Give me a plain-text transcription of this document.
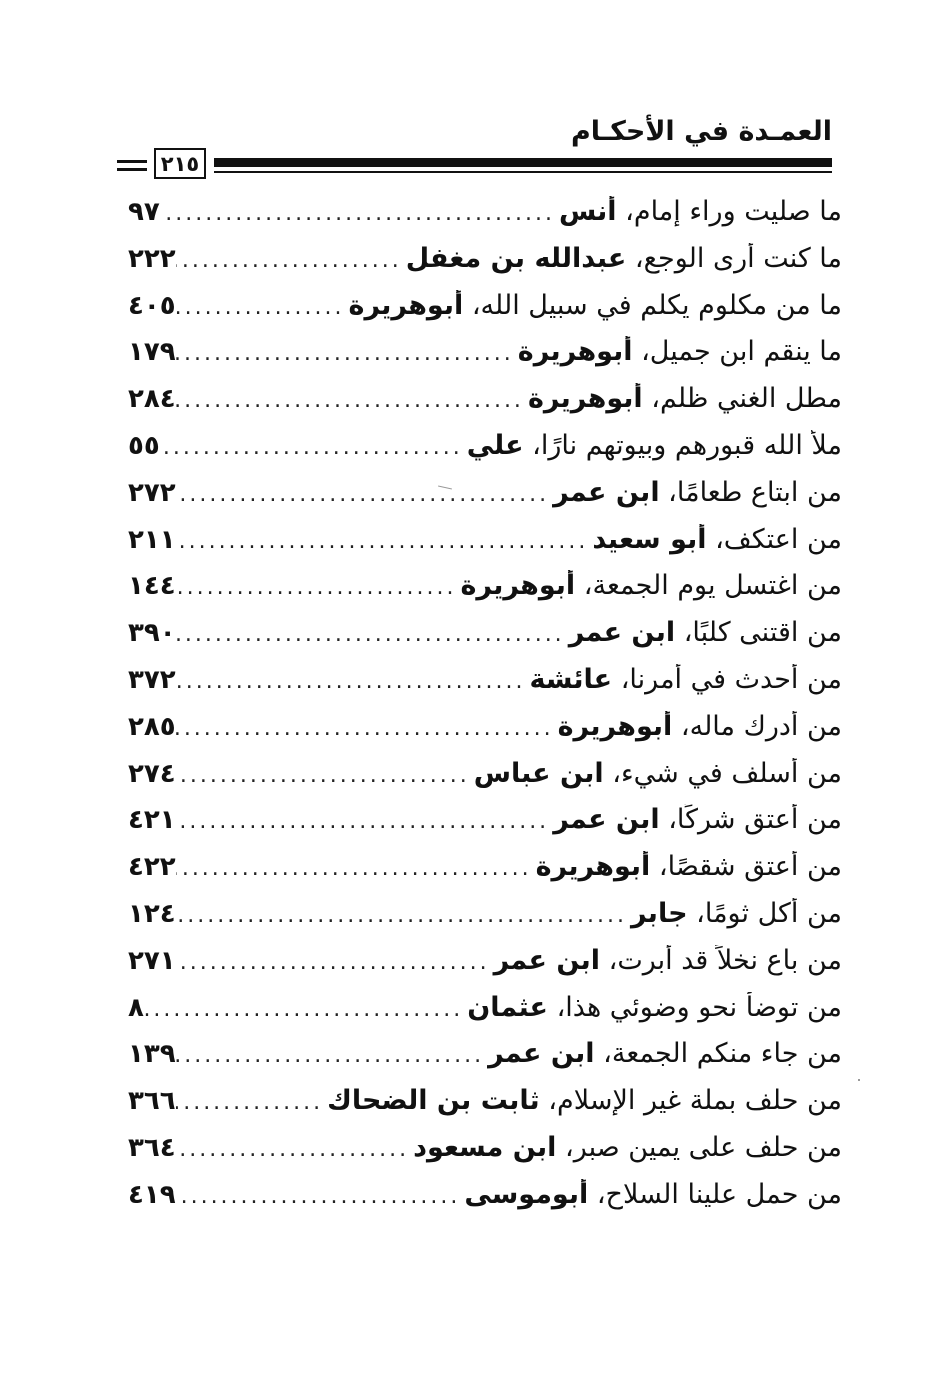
العمـدة في الأحكـام
٢١٥
ما صليت وراء إمام،

أنس
.....
٩٧
ما كنت أرى الوجع،

عبدالله بن مغفل
.....
٢٢٢
ما من مكلوم يكلم في سبيل الله،

أبوهريرة
.....
٤٠٥
ما ينقم ابن جميل،

أبوهريرة
.....
١٧٩
مطل الغني ظلم،

أبوهريرة
.....
٢٨٤
ملأ الله قبورهم وبيوتهم نارًا،

علي
.....
٥٥
من ابتاع طعامًا،

ابن عمر
.....
٢٧٢
من اعتكف،

أبو سعيد
.....
٢١١
من اغتسل يوم الجمعة،

أبوهريرة
.....
١٤٤
من اقتنى كلبًا،

ابن عمر
.....
٣٩٠
من أحدث في أمرنا،

عائشة
.....
٣٧٢
من أدرك ماله،

أبوهريرة
.....
٢٨٥
من أسلف في شيء،

ابن عباس
.....
٢٧٤
من أعتق شركًا،

ابن عمر
.....
٤٢١
من أعتق شقصًا،

أبوهريرة
.....
٤٢٢
من أكل ثومًا،

جابر
.....
١٢٤
من باع نخلاً قد أبرت،

ابن عمر
.....
٢٧١
من توضأ نحو وضوئي هذا،

عثمان
.....
٨
من جاء منكم الجمعة،

ابن عمر
.....
١٣٩
من حلف بملة غير الإسلام،

ثابت بن الضحاك
.....
٣٦٦
من حلف على يمين صبر،

ابن مسعود
.....
٣٦٤
من حمل علينا السلاح،

أبوموسى
.....
٤١٩
